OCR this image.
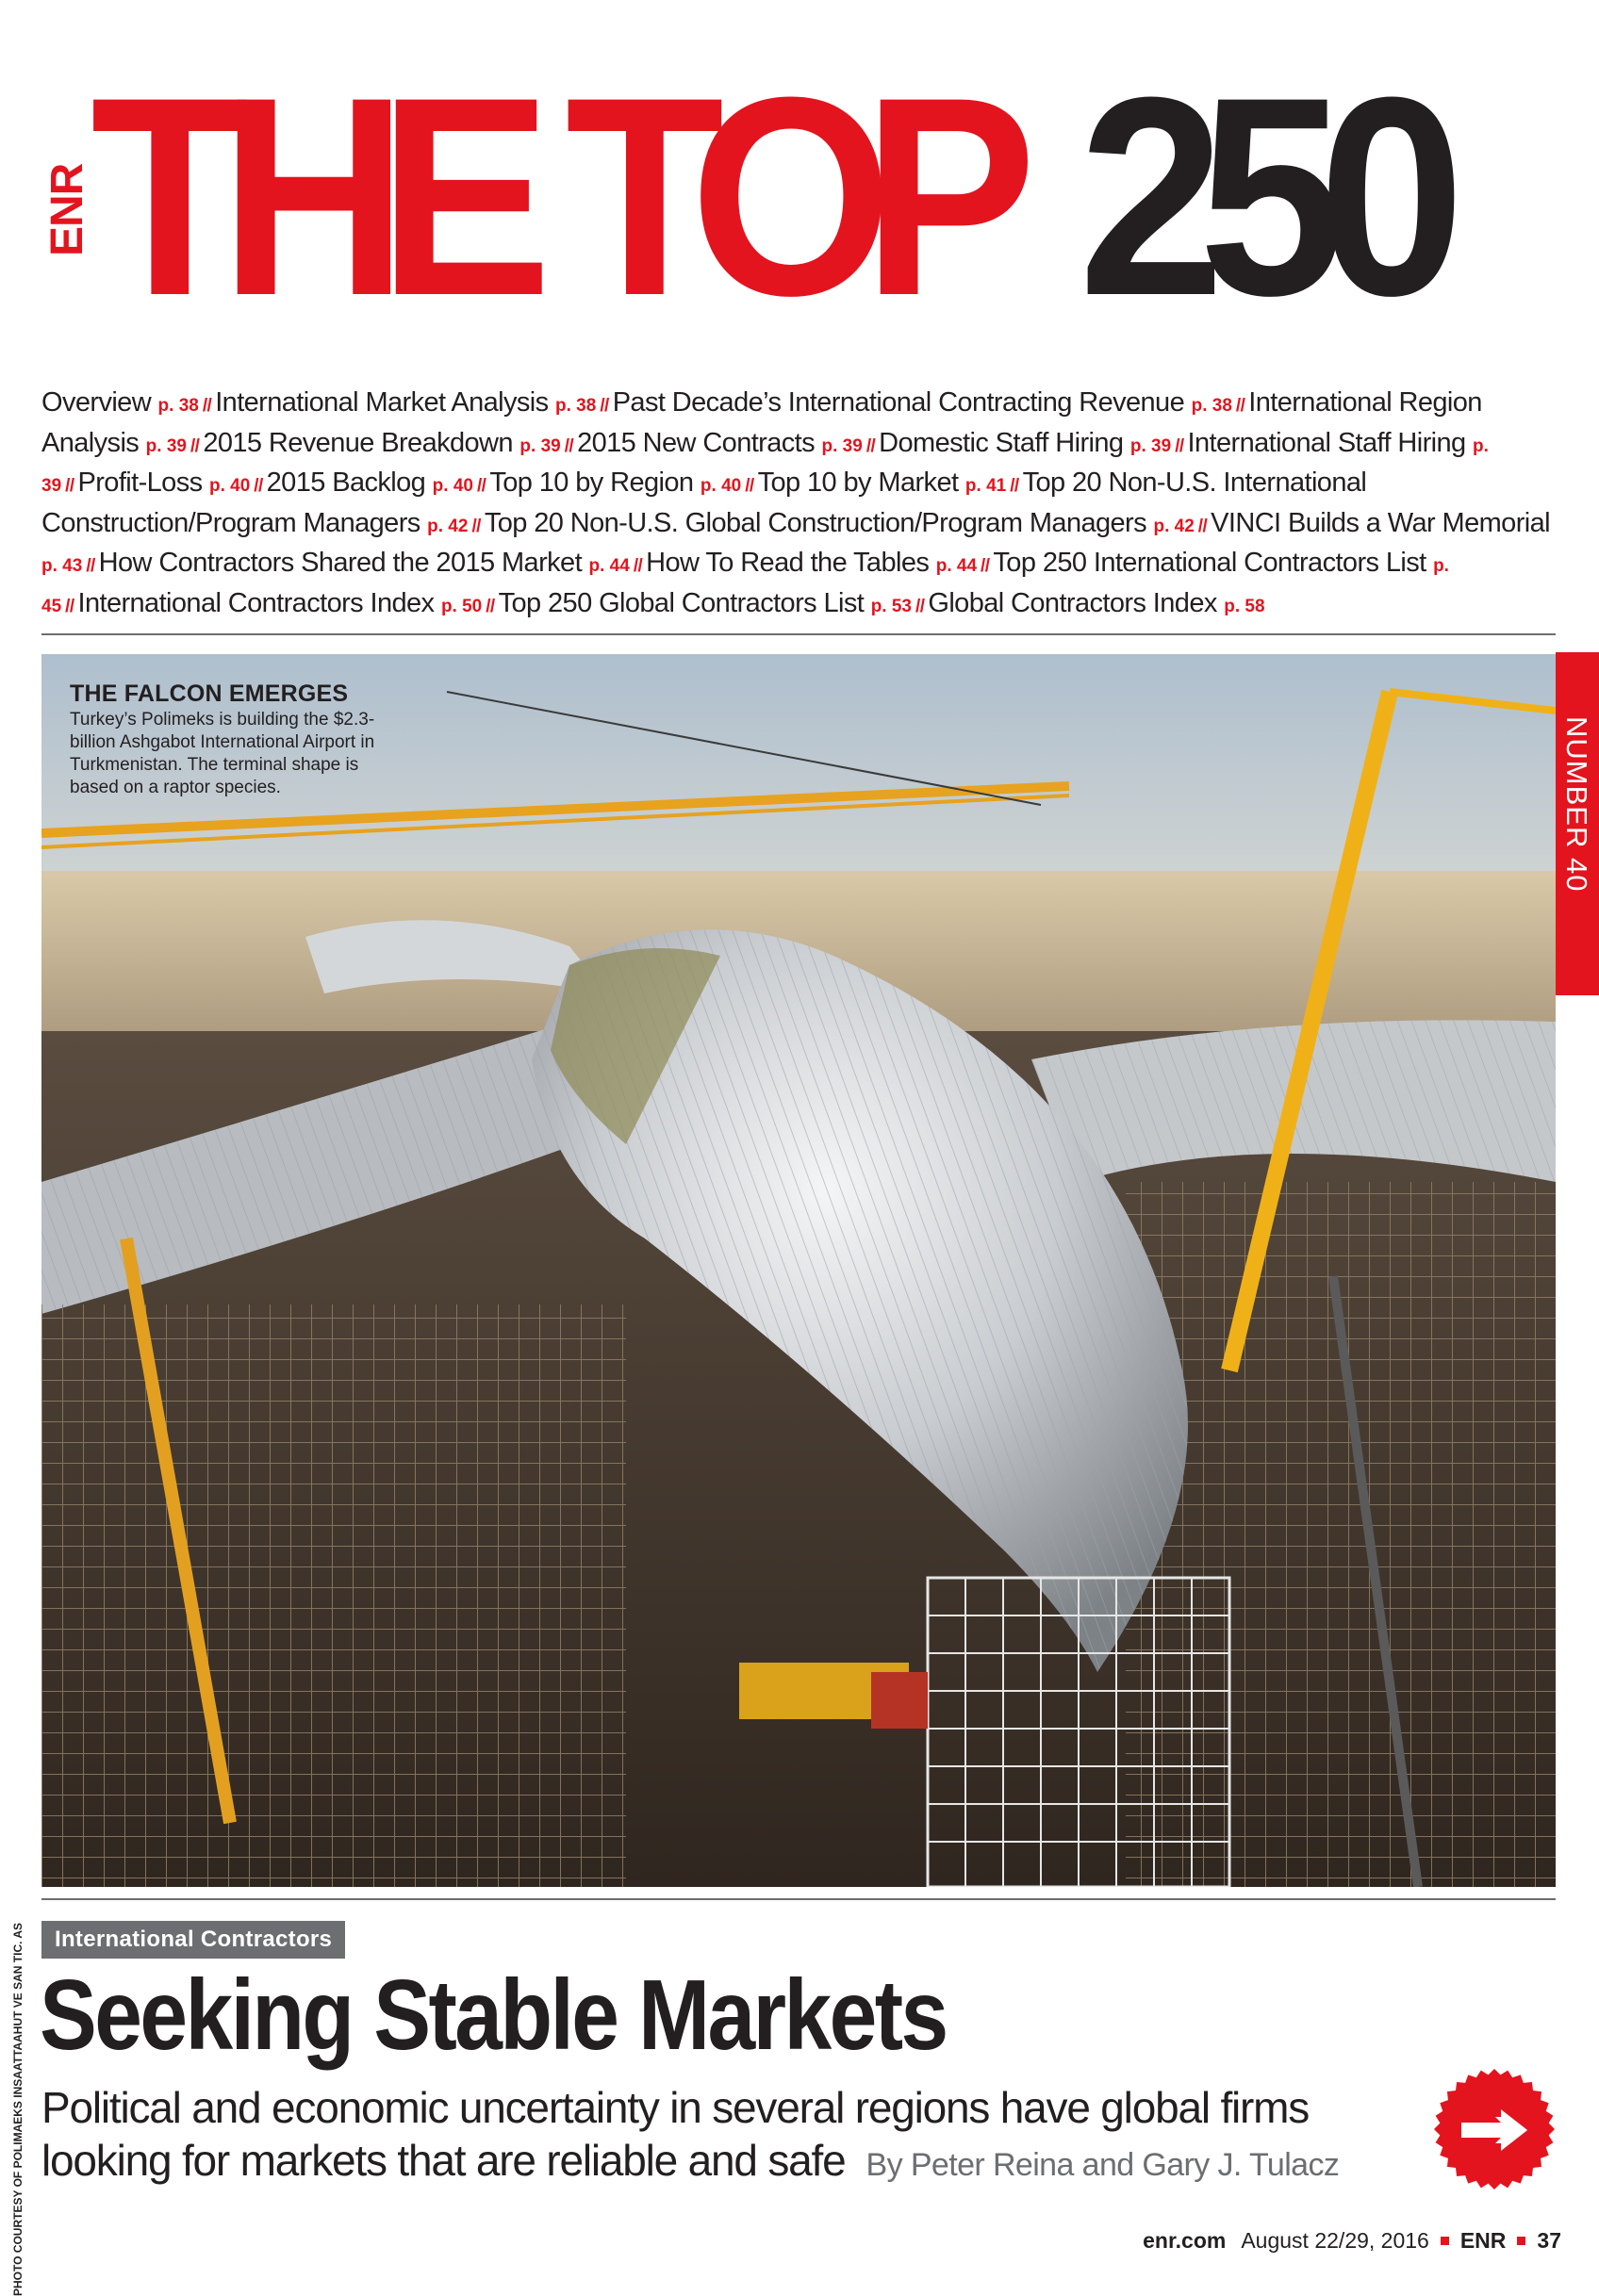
ENR
THE TOP 250
Overview p. 38 // International Market Analysis p. 38 // Past Decade’s International Contracting Revenue p. 38 // International Region Analysis p. 39 // 2015 Revenue Breakdown p. 39 // 2015 New Contracts p. 39 // Domestic Staff Hiring p. 39 // International Staff Hiring p. 39 // Profit-Loss p. 40 // 2015 Backlog p. 40 // Top 10 by Region p. 40 // Top 10 by Market p. 41 // Top 20 Non-U.S. International Construction/Program Managers p. 42 // Top 20 Non-U.S. Global Construction/Program Managers p. 42 // VINCI Builds a War Memorial p. 43 // How Contractors Shared the 2015 Market p. 44 // How To Read the Tables p. 44 // Top 250 International Contractors List p. 45 // International Contractors Index p. 50 // Top 250 Global Contractors List p. 53 // Global Contractors Index p. 58
THE FALCON EMERGES
Turkey’s Polimeks is building the $2.3-billion Ashgabot International Airport in Turkmenistan. The terminal shape is based on a raptor species.	NUMBER 40
PHOTO COURTESY OF POLIMAEKS INSAATTAAHUT VE SAN TIC. AS	International Contractors
Seeking Stable Markets
Political and economic uncertainty in several regions have global firms looking for markets that are reliable and safe By Peter Reina and Gary J. Tulacz
enr.com August 22/29, 2016 ENR 37
